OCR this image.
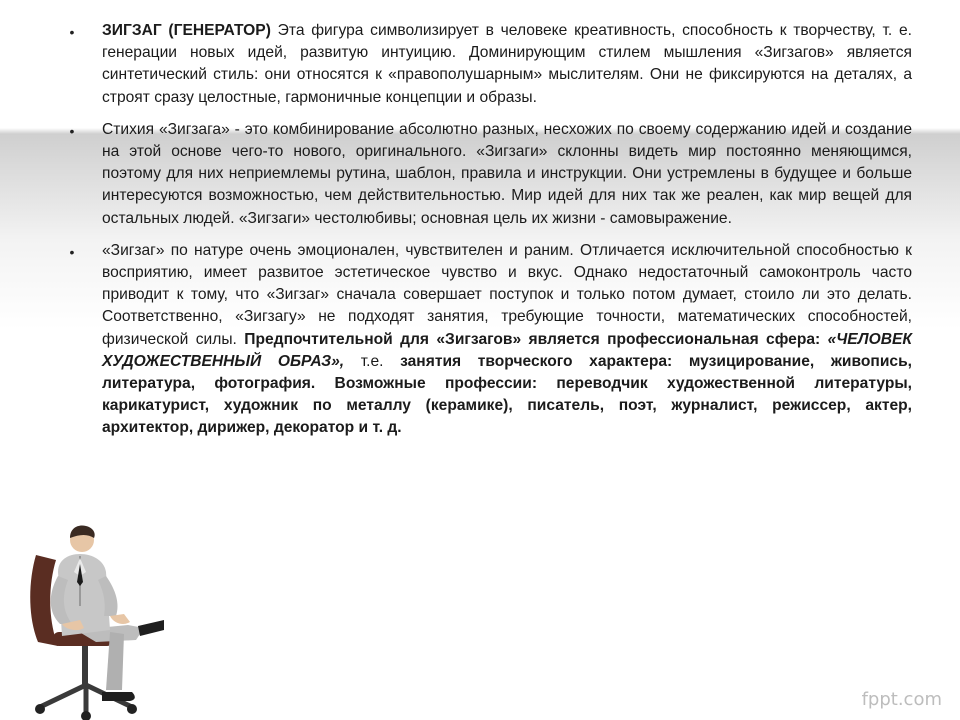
• ЗИГЗАГ (ГЕНЕРАТОР) Эта фигура символизирует в человеке креативность, способность к творчеству, т. е. генерации новых идей, развитую интуицию. Доминирующим стилем мышления «Зигзагов» является синтетический стиль: они относятся к «правополушарным» мыслителям. Они не фиксируются на деталях, а строят сразу целостные, гармоничные концепции и образы.

• Стихия «Зигзага» - это комбинирование абсолютно разных, несхожих по своему содержанию идей и создание на этой основе чего-то нового, оригинального. «Зигзаги» склонны видеть мир постоянно меняющимся, поэтому для них неприемлемы рутина, шаблон, правила и инструкции. Они устремлены в будущее и больше интересуются возможностью, чем действительностью. Мир идей для них так же реален, как мир вещей для остальных людей. «Зигзаги» честолюбивы; основная цель их жизни - самовыражение.

• «Зигзаг» по натуре очень эмоционален, чувствителен и раним. Отличается исключительной способностью к восприятию, имеет развитое эстетическое чувство и вкус. Однако недостаточный самоконтроль часто приводит к тому, что «Зигзаг» сначала совершает поступок и только потом думает, стоило ли это делать. Соответственно, «Зигзагу» не подходят занятия, требующие точности, математических способностей, физической силы. Предпочтительной для «Зигзагов» является профессиональная сфера: «ЧЕЛОВЕК ХУДОЖЕСТВЕННЫЙ ОБРАЗ», т.е. занятия творческого характера: музицирование, живопись, литература, фотография. Возможные профессии: переводчик художественной литературы, карикатурист, художник по металлу (керамике), писатель, поэт, журналист, режиссер, актер, архитектор, дирижер, декоратор и т. д.

fppt.com
